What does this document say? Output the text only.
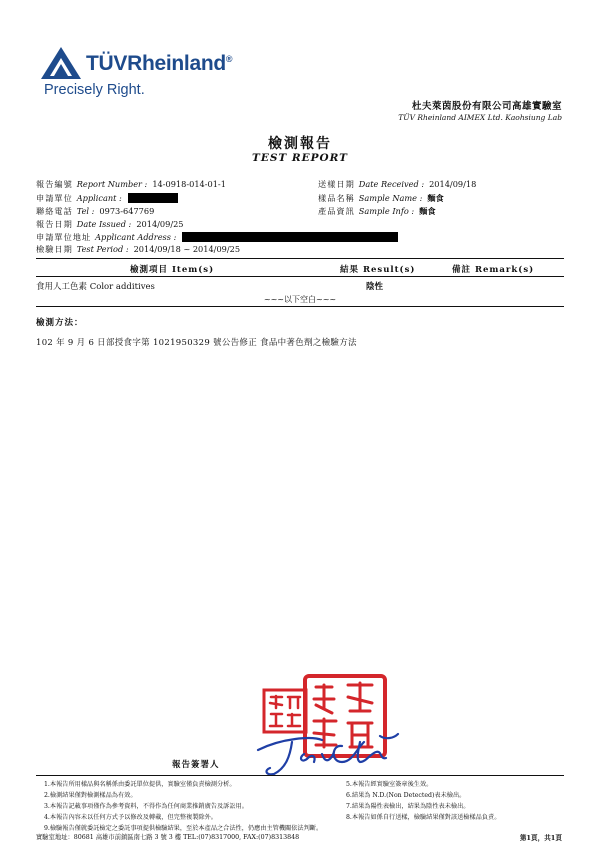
TÜVRheinland®
Precisely Right.
杜夫萊茵股份有限公司高雄實驗室
TÜV Rheinland AIMEX Ltd. Kaohsiung Lab
檢測報告
TEST REPORT
報告編號 Report Number : 14-0918-014-01-1
申請單位 Applicant :
聯絡電話 Tel : 0973-647769
報告日期 Date Issued : 2014/09/25
申請單位地址 Applicant Address :
檢驗日期 Test Period : 2014/09/18 ~ 2014/09/25
送樣日期 Date Received : 2014/09/18
樣品名稱 Sample Name : 麵食
產品資訊 Sample Info : 麵食
檢測項目 Item(s)	結果 Result(s)	備註 Remark(s)
食用人工色素 Color additives	陰性
~~~以下空白~~~
檢測方法：
102 年 9 月 6 日部授食字第 1021950329 號公告修正 食品中著色劑之檢驗方法
報告簽署人
1.本報告所用樣品與名稱係由委託單位提供，實驗室僅負責檢測分析。
2.檢測結果僅對檢測樣品為有效。
3.本報告記載事項僅作為參考資料，不得作為任何商業推銷廣告及訴訟用。
4.本報告內容未以任何方式予以修改及轉載，但完整複製除外。
9.檢驗報告僅就委託檢定之委託事項提供檢驗結果，至於本產品之合法性，仍應由主管機關依法判斷。
5.本報告經實驗室簽章後生效。
6.結果為 N.D.(Non Detected)表未檢出。
7.結果為陽性表檢出，結果為陰性表未檢出。
8.本報告如係自行送樣，檢驗結果僅對該送檢樣品負責。
實驗室地址：80681 高雄市前鎮區南七路 3 號 3 樓 TEL:(07)8317000, FAX:(07)8313848	第1頁，共1頁
